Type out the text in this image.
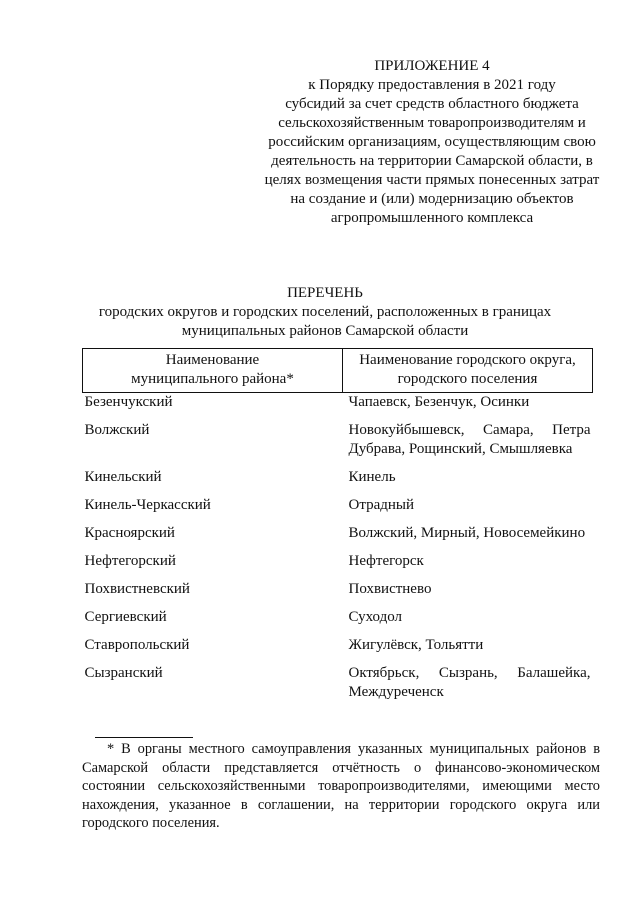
ПРИЛОЖЕНИЕ 4
к Порядку предоставления в 2021 году
субсидий за счет средств областного бюджета
сельскохозяйственным товаропроизводителям и
российским организациям, осуществляющим свою
деятельность на территории Самарской области, в
целях возмещения части прямых понесенных затрат
на создание и (или) модернизацию объектов
агропромышленного комплекса
ПЕРЕЧЕНЬ
городских округов и городских поселений, расположенных в границах
муниципальных районов Самарской области
Наименование
муниципального района*	Наименование городского округа,
городского поселения

Безенчукский	Чапаевск, Безенчук, Осинки

Волжский	Новокуйбышевск, Самара, Петра Дубрава, Рощинский, Смышляевка

Кинельский	Кинель

Кинель-Черкасский	Отрадный

Красноярский	Волжский, Мирный, Новосемейкино

Нефтегорский	Нефтегорск

Похвистневский	Похвистнево

Сергиевский	Суходол

Ставропольский	Жигулёвск, Тольятти

Сызранский	Октябрьск, Сызрань, Балашейка, Междуреченск
* В органы местного самоуправления указанных муниципальных районов в
Самарской области представляется отчётность о финансово-экономическом
состоянии сельскохозяйственными товаропроизводителями, имеющими место
нахождения, указанное в соглашении, на территории городского округа или
городского поселения.
